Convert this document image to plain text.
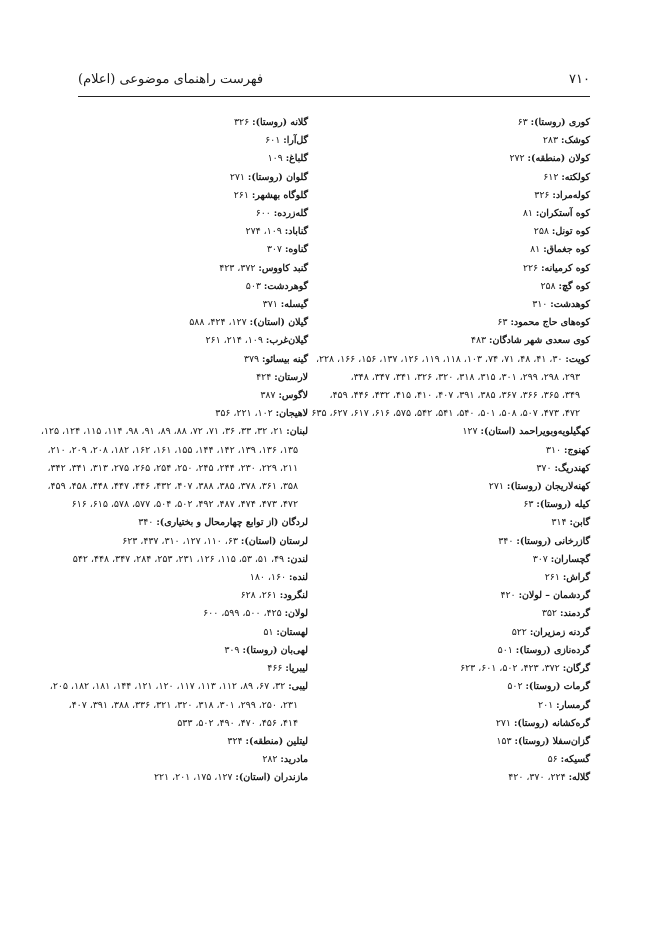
فهرست راهنمای موضوعی (اعلام)	۷۱۰
کوری (روستا): ۶۳
کوشک: ۲۸۳
کولان (منطقه): ۲۷۲
کولکته: ۶۱۲
کوله‌مراد: ۳۲۶
کوه آستکران: ۸۱
کوه تونل: ۲۵۸
کوه جغماق: ۸۱
کوه کرمیانه: ۲۲۶
کوه گچ: ۲۵۸
کوهدشت: ۳۱۰
کوه‌های حاج محمود: ۶۳
کوی سعدی شهر شادگان: ۴۸۳
کویت: ۳۰، ۴۱، ۴۸، ۷۱، ۷۴، ۱۰۳، ۱۱۸، ۱۱۹، ۱۲۶، ۱۳۷، ۱۵۶، ۱۶۶، ۲۲۸،
۲۹۳، ۲۹۸، ۲۹۹، ۳۰۱، ۳۱۵، ۳۱۸، ۳۲۰، ۳۲۶، ۳۴۱، ۳۴۷، ۳۴۸،
۳۴۹، ۳۶۵، ۳۶۶، ۳۶۷، ۳۸۵، ۳۹۱، ۴۰۷، ۴۱۰، ۴۱۵، ۴۳۲، ۴۴۶، ۴۵۹،
۴۷۲، ۴۷۳، ۵۰۷، ۵۰۸، ۵۰۱، ۵۴۰، ۵۴۱، ۵۴۲، ۵۷۵، ۶۱۶، ۶۱۷، ۶۲۷، ۶۳۵
کهگیلویه‌وبویراحمد (استان): ۱۲۷
کهنوج: ۳۱۰
کهندریگ: ۳۷۰
کهنه‌لاریجان (روستا): ۲۷۱
کیله (روستا): ۶۳
گابن: ۳۱۴
گازرخانی (روستا): ۳۴۰
گچساران: ۳۰۷
گراش: ۲۶۱
گردشمان – لولان: ۴۲۰
گردمند: ۳۵۲
گردنه زمزیران: ۵۲۲
گرده‌نازی (روستا): ۵۰۱
گرگان: ۳۷۲، ۴۲۳، ۵۰۲، ۶۰۱، ۶۲۳
گرمات (روستا): ۵۰۲
گرمسار: ۲۰۱
گره‌کشانه (روستا): ۲۷۱
گزان‌سفلا (روستا): ۱۵۳
گسیکه: ۵۶
گلاله: ۲۲۴، ۳۷۰، ۴۲۰
گلانه (روستا): ۳۲۶
گل‌آرا: ۶۰۱
گلباغ: ۱۰۹
گلوان (روستا): ۲۷۱
گلوگاه بهشهر: ۲۶۱
گله‌زرده: ۶۰۰
گناباد: ۱۰۹، ۲۷۴
گناوه: ۳۰۷
گنبد کاووس: ۳۷۲، ۴۲۳
گوهردشت: ۵۰۳
گیسله: ۳۷۱
گیلان (استان): ۱۲۷، ۴۲۴، ۵۸۸
گیلان‌غرب: ۱۰۹، ۲۱۴، ۲۶۱
گینه بیسائو: ۳۷۹
لارستان: ۴۲۴
لاگوس: ۳۸۷
لاهیجان: ۱۰۲، ۲۲۱، ۳۵۶
لبنان: ۲۱، ۳۲، ۳۳، ۳۶، ۷۱، ۷۲، ۸۸، ۸۹، ۹۱، ۹۸، ۱۱۴، ۱۱۵، ۱۲۴، ۱۲۵،
۱۳۵، ۱۳۶، ۱۳۹، ۱۴۲، ۱۴۴، ۱۵۵، ۱۶۱، ۱۶۲، ۱۸۲، ۲۰۸، ۲۰۹، ۲۱۰،
۲۱۱، ۲۲۹، ۲۳۰، ۲۴۴، ۲۴۵، ۲۵۰، ۲۵۴، ۲۶۵، ۲۷۵، ۳۱۳، ۳۴۱، ۳۴۲،
۳۵۸، ۳۶۱، ۳۷۸، ۳۸۵، ۳۸۸، ۴۰۷، ۴۳۲، ۴۴۶، ۴۴۷، ۴۴۸، ۴۵۸، ۴۵۹،
۴۷۲، ۴۷۳، ۴۷۴، ۴۸۷، ۴۹۲، ۵۰۲، ۵۰۴، ۵۷۷، ۵۷۸، ۶۱۵، ۶۱۶
لردگان (از توابع چهارمحال و بختیاری): ۳۴۰
لرستان (استان): ۶۳، ۱۱۰، ۱۲۷، ۳۱۰، ۴۳۷، ۶۲۳
لندن: ۴۹، ۵۱، ۵۳، ۱۱۵، ۱۲۶، ۲۳۱، ۲۵۳، ۲۸۴، ۳۴۷، ۴۴۸، ۵۴۲
لنده: ۱۶۰، ۱۸۰
لنگرود: ۲۶۱، ۶۲۸
لولان: ۴۲۵، ۵۰۰، ۵۹۹، ۶۰۰
لهستان: ۵۱
لهی‌بان (روستا): ۳۰۹
لیبریا: ۴۶۶
لیبی: ۳۲، ۶۷، ۸۹، ۱۱۲، ۱۱۳، ۱۱۷، ۱۲۰، ۱۲۱، ۱۴۴، ۱۸۱، ۱۸۲، ۲۰۵،
۲۳۱، ۲۵۰، ۲۹۹، ۳۰۱، ۳۱۸، ۳۲۰، ۳۲۱، ۳۳۶، ۳۸۸، ۳۹۱، ۴۰۷،
۴۱۴، ۴۵۶، ۴۷۰، ۴۹۰، ۵۰۲، ۵۳۳
لیتلین (منطقه): ۳۲۴
مادرید: ۲۸۲
مازندران (استان): ۱۲۷، ۱۷۵، ۲۰۱، ۲۲۱
